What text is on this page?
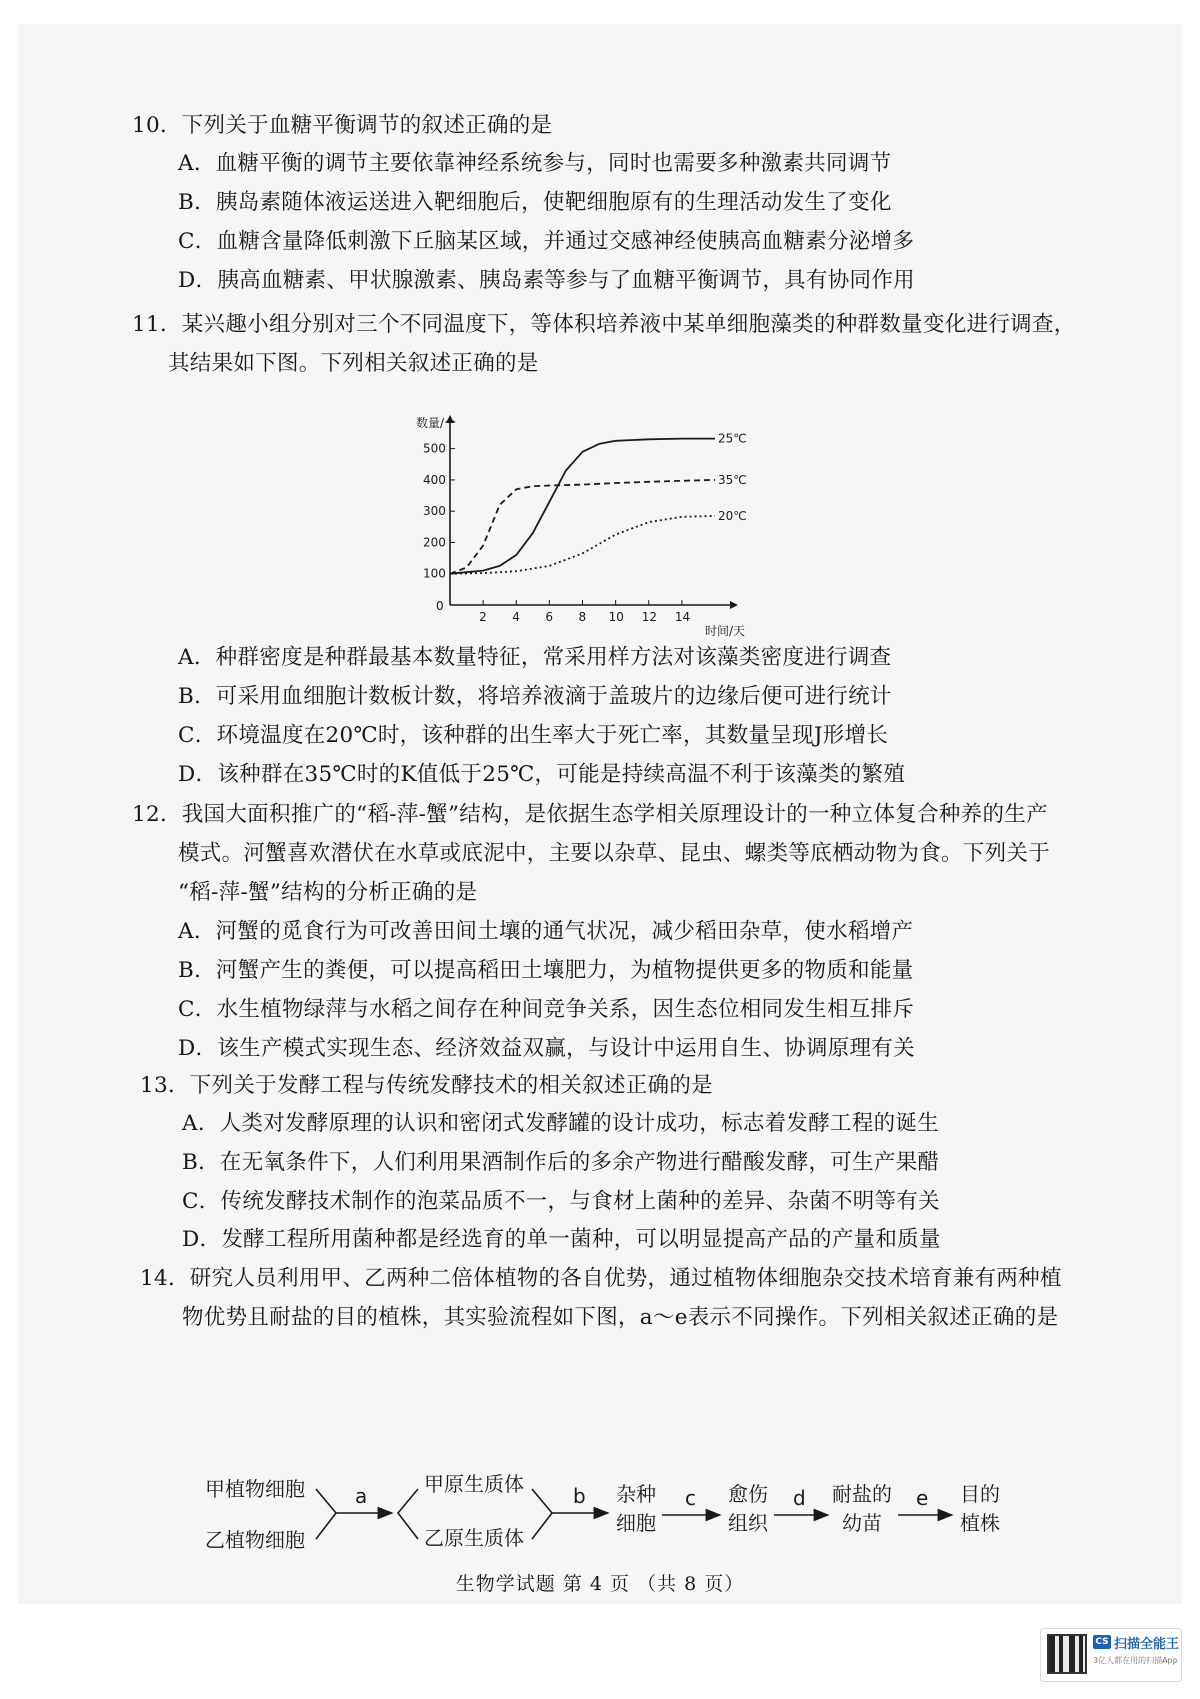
10．下列关于血糖平衡调节的叙述正确的是
A．血糖平衡的调节主要依靠神经系统参与，同时也需要多种激素共同调节
B．胰岛素随体液运送进入靶细胞后，使靶细胞原有的生理活动发生了变化
C．血糖含量降低刺激下丘脑某区域，并通过交感神经使胰高血糖素分泌增多
D．胰高血糖素、甲状腺激素、胰岛素等参与了血糖平衡调节，具有协同作用
11．某兴趣小组分别对三个不同温度下，等体积培养液中某单细胞藻类的种群数量变化进行调查，
其结果如下图。下列相关叙述正确的是
数量/个
时间/天
0
2 4 6 8 10 12 14
100
200
300
400
500
25℃
35℃
20℃
A．种群密度是种群最基本数量特征，常采用样方法对该藻类密度进行调查
B．可采用血细胞计数板计数，将培养液滴于盖玻片的边缘后便可进行统计
C．环境温度在20℃时，该种群的出生率大于死亡率，其数量呈现J形增长
D．该种群在35℃时的K值低于25℃，可能是持续高温不利于该藻类的繁殖
12．我国大面积推广的“稻-萍-蟹”结构，是依据生态学相关原理设计的一种立体复合种养的生产
模式。河蟹喜欢潜伏在水草或底泥中，主要以杂草、昆虫、螺类等底栖动物为食。下列关于
“稻-萍-蟹”结构的分析正确的是
A．河蟹的觅食行为可改善田间土壤的通气状况，减少稻田杂草，使水稻增产
B．河蟹产生的粪便，可以提高稻田土壤肥力，为植物提供更多的物质和能量
C．水生植物绿萍与水稻之间存在种间竞争关系，因生态位相同发生相互排斥
D．该生产模式实现生态、经济效益双赢，与设计中运用自生、协调原理有关
13．下列关于发酵工程与传统发酵技术的相关叙述正确的是
A．人类对发酵原理的认识和密闭式发酵罐的设计成功，标志着发酵工程的诞生
B．在无氧条件下，人们利用果酒制作后的多余产物进行醋酸发酵，可生产果醋
C．传统发酵技术制作的泡菜品质不一，与食材上菌种的差异、杂菌不明等有关
D．发酵工程所用菌种都是经选育的单一菌种，可以明显提高产品的产量和质量
14．研究人员利用甲、乙两种二倍体植物的各自优势，通过植物体细胞杂交技术培育兼有两种植
物优势且耐盐的目的植株，其实验流程如下图，a～e表示不同操作。下列相关叙述正确的是
甲植物细胞
乙植物细胞
a	甲原生质体
乙原生质体
b 杂种
细胞
c 愈伤
组织
d 耐盐的
幼苗
e 目的
植株
生物学试题 第 4 页 （共 8 页）
CS 扫描全能王
3亿人都在用的扫描App
